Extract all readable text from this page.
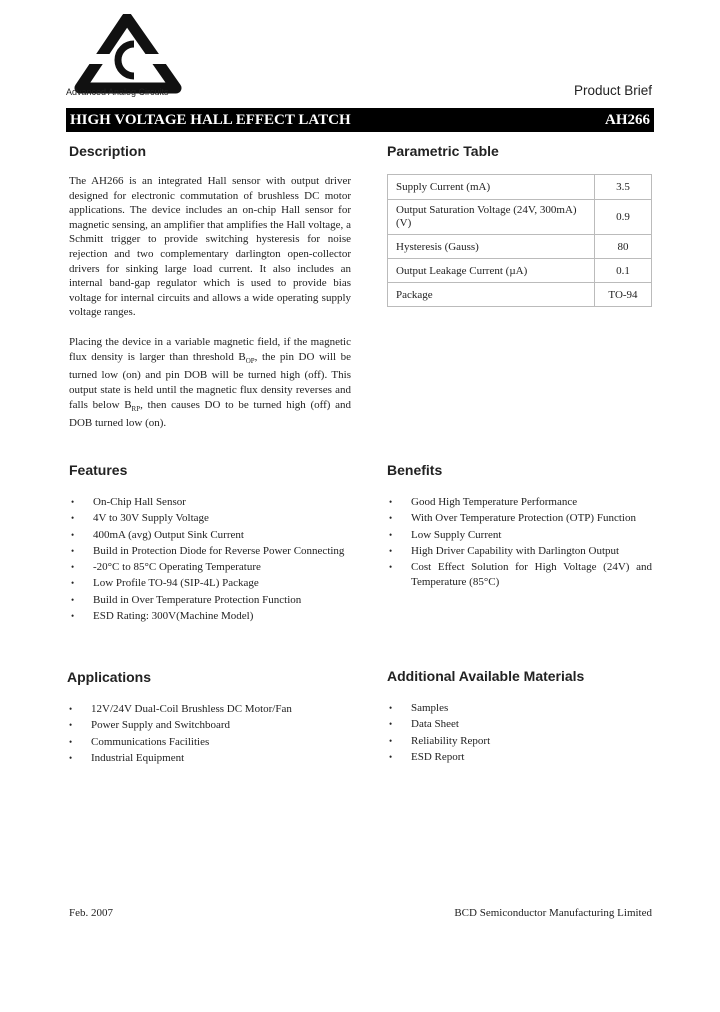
Advanced Analog Circuits	Product Brief
HIGH VOLTAGE HALL EFFECT LATCH	AH266
Description
The AH266 is an integrated Hall sensor with output driver designed for electronic commutation of brushless DC motor applications. The device includes an on-chip Hall sensor for magnetic sensing, an amplifier that amplifies the Hall voltage, a Schmitt trigger to provide switching hysteresis for noise rejection and two complementary darlington open-collector drivers for sinking large load current. It also includes an internal band-gap regulator which is used to provide bias voltage for internal circuits and allows a wide operating supply voltage ranges.
Placing the device in a variable magnetic field, if the magnetic flux density is larger than threshold $B_{OP}$, the pin DO will be turned low (on) and pin DOB will be turned high (off). This output state is held until the magnetic flux density reverses and falls below $B_{RP}$, then causes DO to be turned high (off) and DOB turned low (on).
Parametric Table
Supply Current (mA)	3.5
Output Saturation Voltage (24V, 300mA) (V)	0.9
Hysteresis (Gauss)	80
Output Leakage Current (µA)	0.1
Package	TO-94
Features
• On-Chip Hall Sensor
• 4V to 30V Supply Voltage
• 400mA (avg) Output Sink Current
• Build in Protection Diode for Reverse Power Connecting
• -20°C to 85°C Operating Temperature
• Low Profile TO-94 (SIP-4L) Package
• Build in Over Temperature Protection Function
• ESD Rating: 300V(Machine Model)
Benefits
• Good High Temperature Performance
• With Over Temperature Protection (OTP) Function
• Low Supply Current
• High Driver Capability with Darlington Output
• Cost Effect Solution for High Voltage (24V) and Temperature (85°C)
Applications
• 12V/24V Dual-Coil Brushless DC Motor/Fan
• Power Supply and Switchboard
• Communications Facilities
• Industrial Equipment
Additional Available Materials
• Samples
• Data Sheet
• Reliability Report
• ESD Report
Feb. 2007	BCD Semiconductor Manufacturing Limited
